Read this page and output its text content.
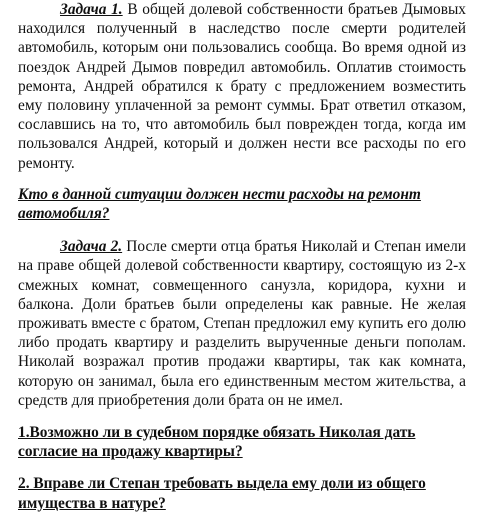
Задача 1. В общей долевой собственности братьев Дымовых находился полученный в наследство после смерти родителей автомобиль, которым они пользовались сообща. Во время одной из поездок Андрей Дымов повредил автомобиль. Оплатив стоимость ремонта, Андрей обратился к брату с предложением возместить ему половину уплаченной за ремонт суммы. Брат ответил отказом, сославшись на то, что автомобиль был поврежден тогда, когда им пользовался Андрей, который и должен нести все расходы по его ремонту.

Кто в данной ситуации должен нести расходы на ремонт автомобиля?

Задача 2. После смерти отца братья Николай и Степан имели на праве общей долевой собственности квартиру, состоящую из 2-х смежных комнат, совмещенного санузла, коридора, кухни и балкона. Доли братьев были определены как равные. Не желая проживать вместе с братом, Степан предложил ему купить его долю либо продать квартиру и разделить вырученные деньги пополам. Николай возражал против продажи квартиры, так как комната, которую он занимал, была его единственным местом жительства, а средств для приобретения доли брата он не имел.

1.Возможно ли в судебном порядке обязать Николая дать согласие на продажу квартиры?

2. Вправе ли Степан требовать выдела ему доли из общего имущества в натуре?
